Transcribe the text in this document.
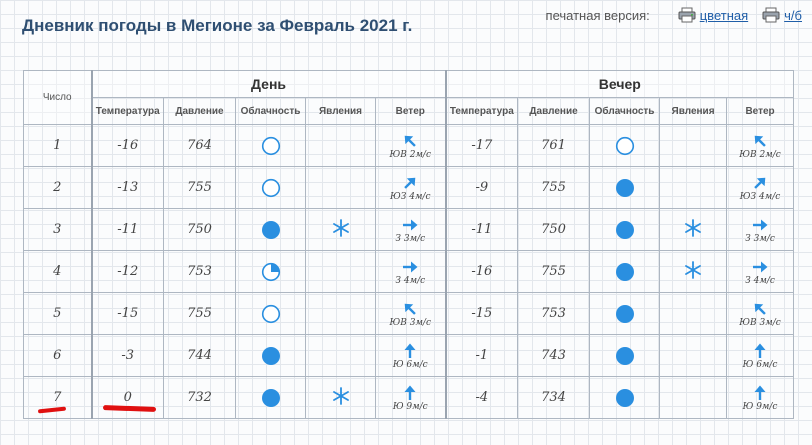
Дневник погоды в Мегионе за Февраль 2021 г.
печатная версия:	цветная	ч/б
Число	День					Вечер				
	Температура	Давление	Облачность	Явления	Ветер	Температура	Давление	Облачность	Явления	Ветер
1	-16	764			ЮВ 2м/с	-17	761			ЮВ 2м/с

2	-13	755			ЮЗ 4м/с	-9	755			ЮЗ 4м/с

3	-11	750			З 3м/с	-11	750			З 3м/с

4	-12	753			З 4м/с	-16	755			З 4м/с

5	-15	755			ЮВ 3м/с	-15	753			ЮВ 3м/с

6	-3	744			Ю 6м/с	-1	743			Ю 6м/с

7	0	732			Ю 9м/с	-4	734			Ю 9м/с
